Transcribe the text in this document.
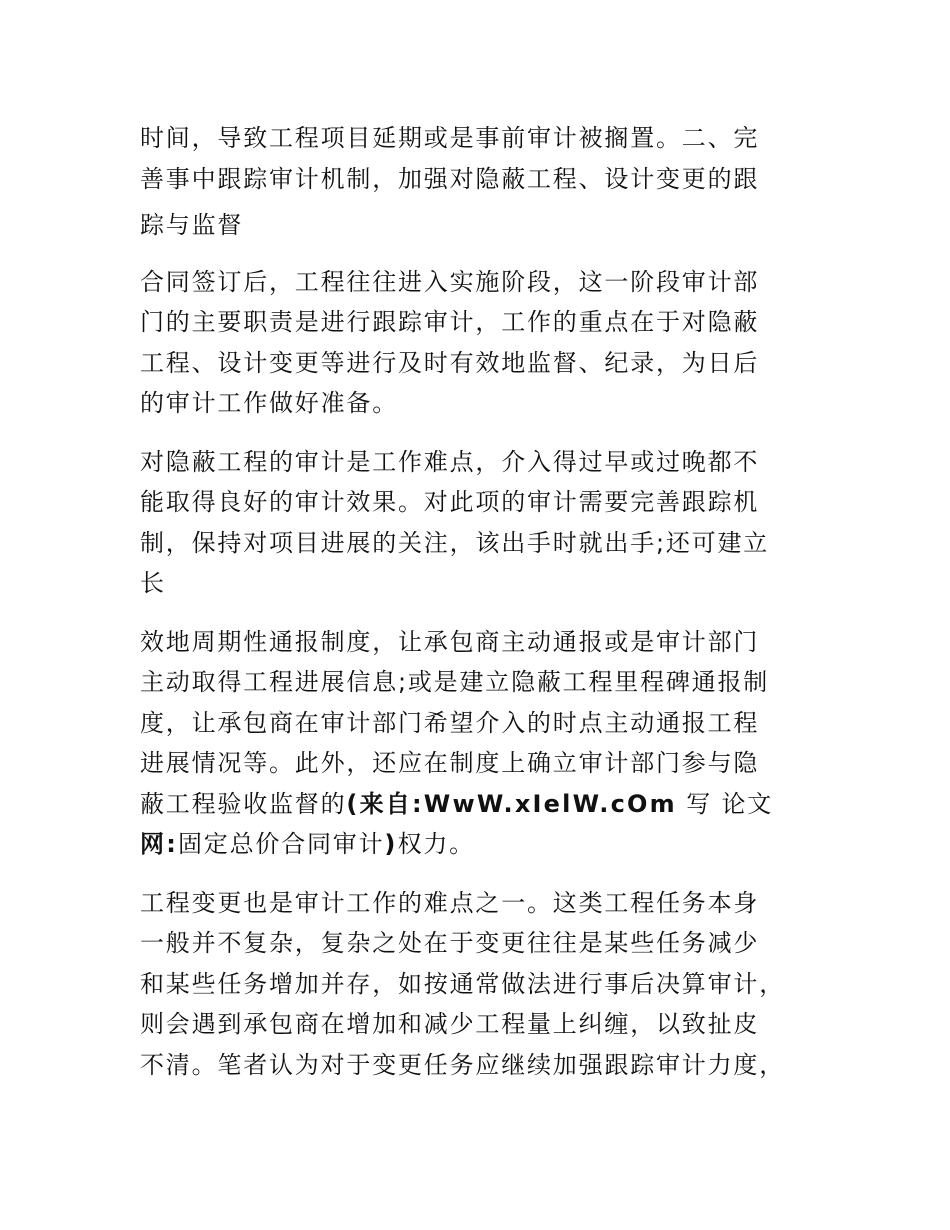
时间，导致工程项目延期或是事前审计被搁置。二、完
善事中跟踪审计机制，加强对隐蔽工程、设计变更的跟
踪与监督
合同签订后，工程往往进入实施阶段，这一阶段审计部
门的主要职责是进行跟踪审计，工作的重点在于对隐蔽
工程、设计变更等进行及时有效地监督、纪录，为日后
的审计工作做好准备。
对隐蔽工程的审计是工作难点，介入得过早或过晚都不
能取得良好的审计效果。对此项的审计需要完善跟踪机
制，保持对项目进展的关注，该出手时就出手;还可建立
长
效地周期性通报制度，让承包商主动通报或是审计部门
主动取得工程进展信息;或是建立隐蔽工程里程碑通报制
度，让承包商在审计部门希望介入的时点主动通报工程
进展情况等。此外，还应在制度上确立审计部门参与隐
蔽工程验收监督的(来自:WwW.xIelW.cOm 写 论文
网:固定总价合同审计)权力。
工程变更也是审计工作的难点之一。这类工程任务本身
一般并不复杂，复杂之处在于变更往往是某些任务减少
和某些任务增加并存，如按通常做法进行事后决算审计，
则会遇到承包商在增加和减少工程量上纠缠，以致扯皮
不清。笔者认为对于变更任务应继续加强跟踪审计力度，
